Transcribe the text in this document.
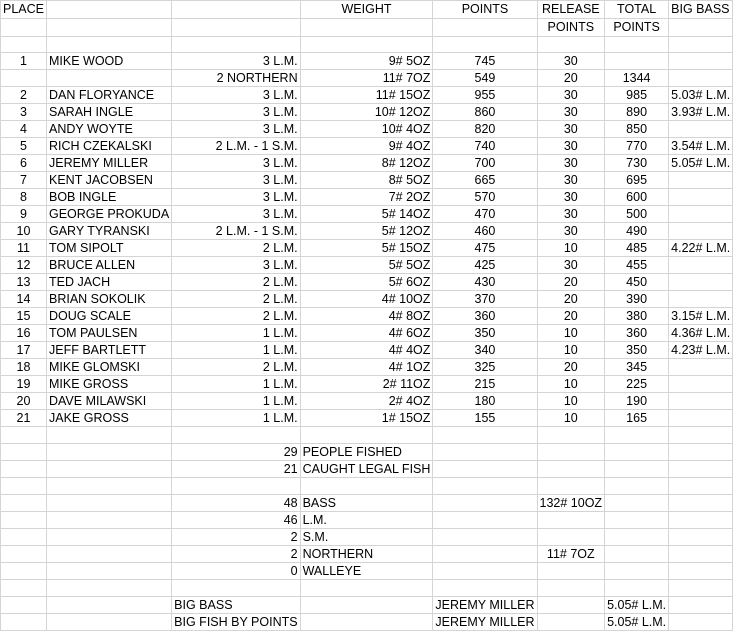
PLACE			WEIGHT	POINTS	RELEASE	TOTAL	BIG BASS
					POINTS	POINTS	

1	MIKE WOOD	3 L.M.	9# 5OZ	745	30		
		2 NORTHERN	11# 7OZ	549	20	1344	
2	DAN FLORYANCE	3 L.M.	11# 15OZ	955	30	985	5.03# L.M.
3	SARAH INGLE	3 L.M.	10# 12OZ	860	30	890	3.93# L.M.
4	ANDY WOYTE	3 L.M.	10# 4OZ	820	30	850	
5	RICH CZEKALSKI	2 L.M. - 1 S.M.	9# 4OZ	740	30	770	3.54# L.M.
6	JEREMY MILLER	3 L.M.	8# 12OZ	700	30	730	5.05# L.M.
7	KENT JACOBSEN	3 L.M.	8# 5OZ	665	30	695	
8	BOB INGLE	3 L.M.	7# 2OZ	570	30	600	
9	GEORGE PROKUDA	3 L.M.	5# 14OZ	470	30	500	
10	GARY TYRANSKI	2 L.M. - 1 S.M.	5# 12OZ	460	30	490	
11	TOM SIPOLT	2 L.M.	5# 15OZ	475	10	485	4.22# L.M.
12	BRUCE ALLEN	3 L.M.	5# 5OZ	425	30	455	
13	TED JACH	2 L.M.	5# 6OZ	430	20	450	
14	BRIAN SOKOLIK	2 L.M.	4# 10OZ	370	20	390	
15	DOUG SCALE	2 L.M.	4# 8OZ	360	20	380	3.15# L.M.
16	TOM PAULSEN	1 L.M.	4# 6OZ	350	10	360	4.36# L.M.
17	JEFF BARTLETT	1 L.M.	4# 4OZ	340	10	350	4.23# L.M.
18	MIKE GLOMSKI	2 L.M.	4# 1OZ	325	20	345	
19	MIKE GROSS	1 L.M.	2# 11OZ	215	10	225	
20	DAVE MILAWSKI	1 L.M.	2# 4OZ	180	10	190	
21	JAKE GROSS	1 L.M.	1# 15OZ	155	10	165	

		29	PEOPLE FISHED				
		21	CAUGHT LEGAL FISH				

		48	BASS		132# 10OZ		
		46	L.M.				
		2	S.M.				
		2	NORTHERN		11# 7OZ		
		0	WALLEYE				

		BIG BASS		JEREMY MILLER		5.05# L.M.	
		BIG FISH BY POINTS		JEREMY MILLER		5.05# L.M.	
